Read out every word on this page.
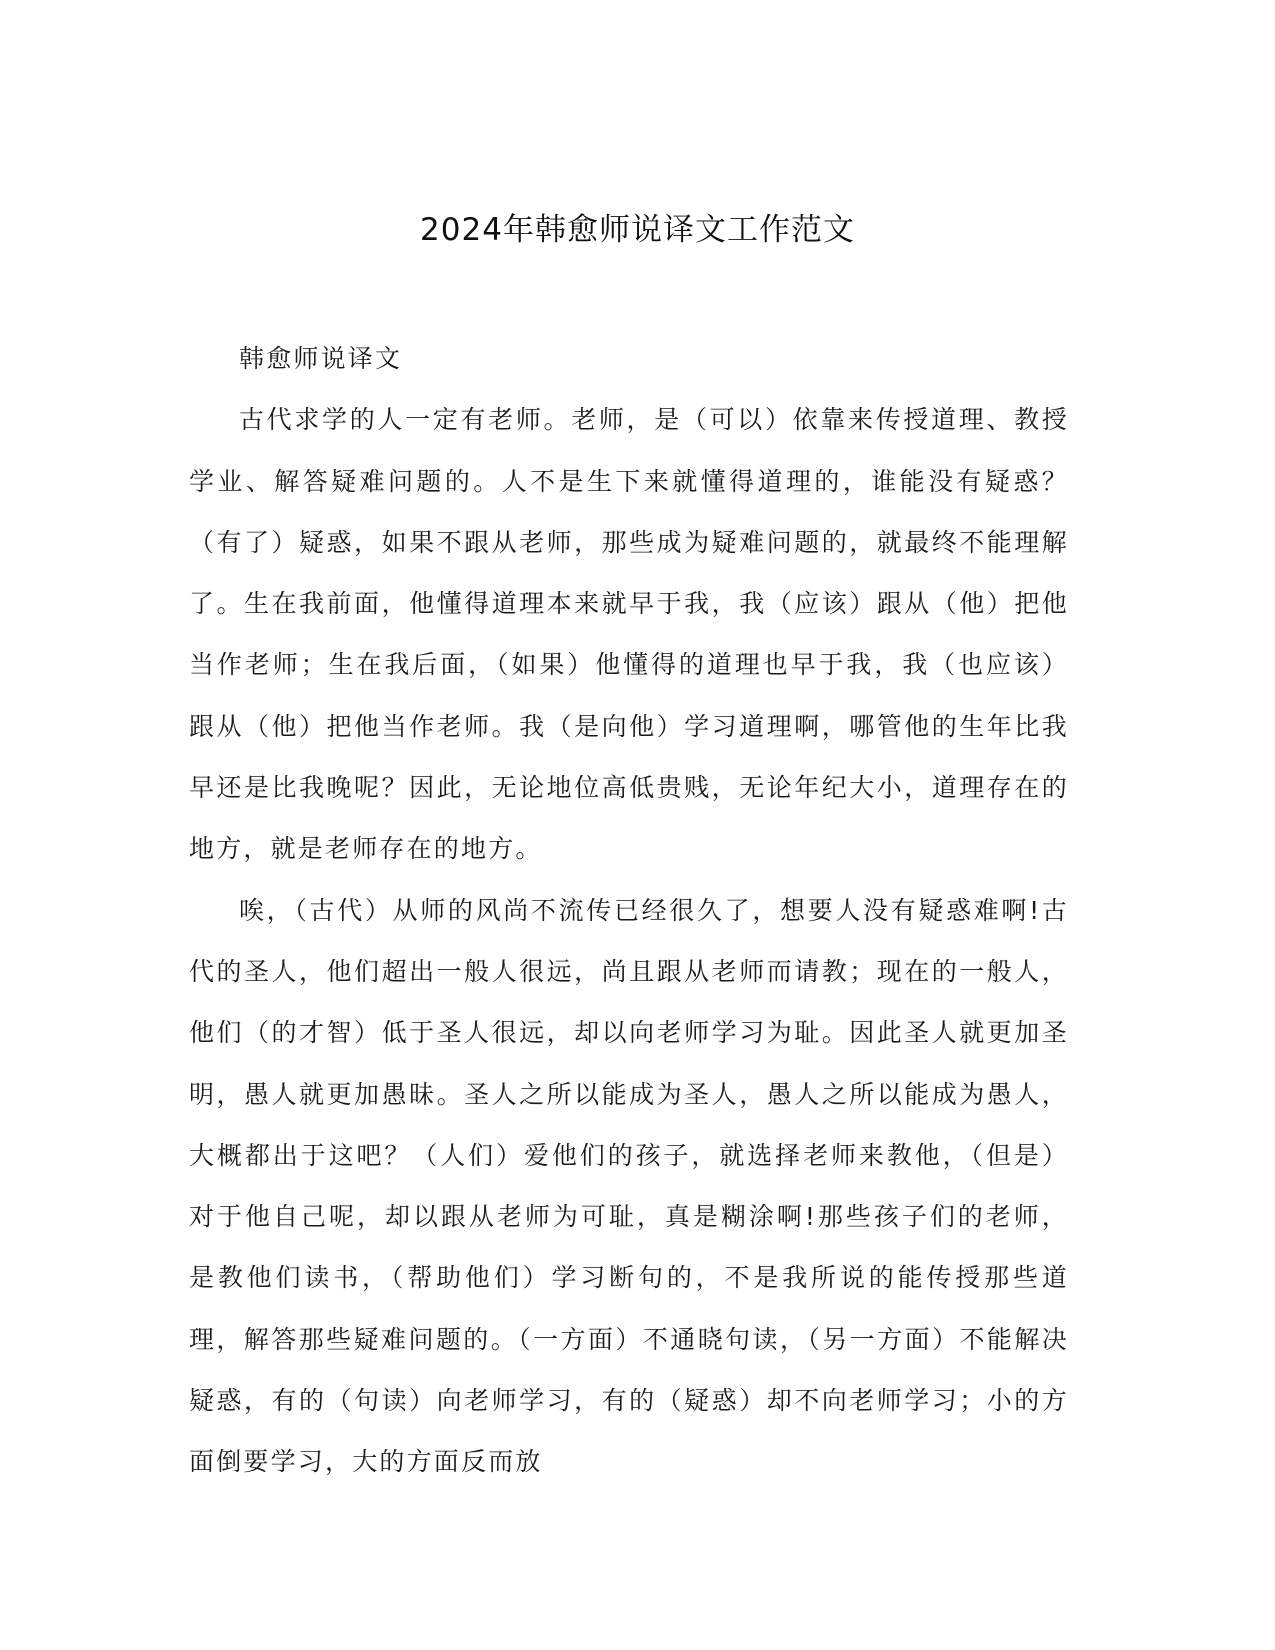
2024年韩愈师说译文工作范文

韩愈师说译文

古代求学的人一定有老师。老师，是（可以）依靠来传授道理、教授学业、解答疑难问题的。人不是生下来就懂得道理的，谁能没有疑惑？（有了）疑惑，如果不跟从老师，那些成为疑难问题的，就最终不能理解了。生在我前面，他懂得道理本来就早于我，我（应该）跟从（他）把他当作老师；生在我后面，（如果）他懂得的道理也早于我，我（也应该）跟从（他）把他当作老师。我（是向他）学习道理啊，哪管他的生年比我早还是比我晚呢？因此，无论地位高低贵贱，无论年纪大小，道理存在的地方，就是老师存在的地方。

唉，（古代）从师的风尚不流传已经很久了，想要人没有疑惑难啊!古代的圣人，他们超出一般人很远，尚且跟从老师而请教；现在的一般人，他们（的才智）低于圣人很远，却以向老师学习为耻。因此圣人就更加圣明，愚人就更加愚昧。圣人之所以能成为圣人，愚人之所以能成为愚人，大概都出于这吧？（人们）爱他们的孩子，就选择老师来教他，（但是）对于他自己呢，却以跟从老师为可耻，真是糊涂啊!那些孩子们的老师，是教他们读书，（帮助他们）学习断句的，不是我所说的能传授那些道理，解答那些疑难问题的。（一方面）不通晓句读，（另一方面）不能解决疑惑，有的（句读）向老师学习，有的（疑惑）却不向老师学习；小的方面倒要学习，大的方面反而放
